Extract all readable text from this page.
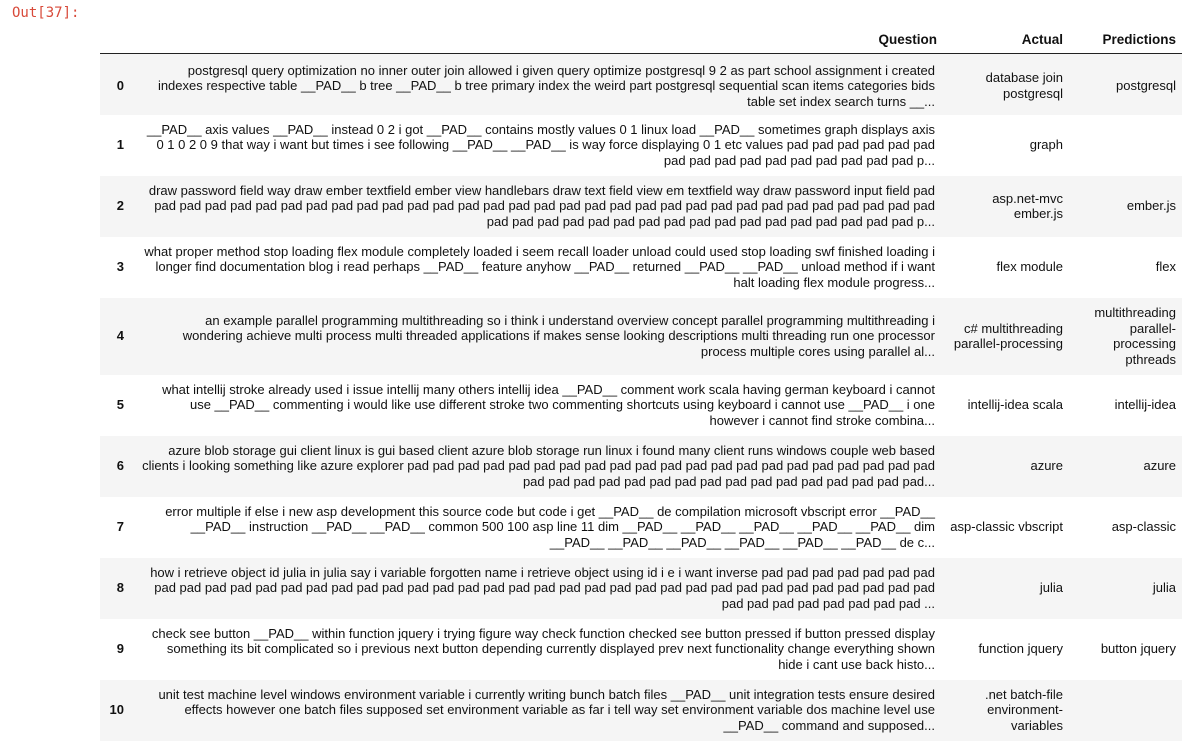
Out[37]:
	Question	Actual	Predictions
0	postgresql query optimization no inner outer join allowed i given query optimize postgresql 9 2 as part school assignment i created indexes respective table __PAD__ b tree __PAD__ b tree primary index the weird part postgresql sequential scan items categories bids table set index search turns __...	database join postgresql	postgresql
1	__PAD__ axis values __PAD__ instead 0 2 i got __PAD__ contains mostly values 0 1 linux load __PAD__ sometimes graph displays axis 0 1 0 2 0 9 that way i want but times i see following __PAD__ __PAD__ is way force displaying 0 1 etc values pad pad pad pad pad pad pad pad pad pad pad pad pad pad pad pad p...	graph	
2	draw password field way draw ember textfield ember view handlebars draw text field view em textfield way draw password input field pad pad pad pad pad pad pad pad pad pad pad pad pad pad pad pad pad pad pad pad pad pad pad pad pad pad pad pad pad pad pad pad pad pad pad pad pad pad pad pad pad pad pad pad pad pad pad pad pad p...	asp.net-mvc ember.js	ember.js
3	what proper method stop loading flex module completely loaded i seem recall loader unload could used stop loading swf finished loading i longer find documentation blog i read perhaps __PAD__ feature anyhow __PAD__ returned __PAD__ __PAD__ unload method if i want halt loading flex module progress...	flex module	flex
4	an example parallel programming multithreading so i think i understand overview concept parallel programming multithreading i wondering achieve multi process multi threaded applications if makes sense looking descriptions multi threading run one processor process multiple cores using parallel al...	c# multithreading parallel-processing	multithreading parallel-processing pthreads
5	what intellij stroke already used i issue intellij many others intellij idea __PAD__ comment work scala having german keyboard i cannot use __PAD__ commenting i would like use different stroke two commenting shortcuts using keyboard i cannot use __PAD__ i one however i cannot find stroke combina...	intellij-idea scala	intellij-idea
6	azure blob storage gui client linux is gui based client azure blob storage run linux i found many client runs windows couple web based clients i looking something like azure explorer pad pad pad pad pad pad pad pad pad pad pad pad pad pad pad pad pad pad pad pad pad pad pad pad pad pad pad pad pad pad pad pad pad pad pad pad pad...	azure	azure
7	error multiple if else i new asp development this source code but code i get __PAD__ de compilation microsoft vbscript error __PAD__ __PAD__ instruction __PAD__ __PAD__ common 500 100 asp line 11 dim __PAD__ __PAD__ __PAD__ __PAD__ __PAD__ dim __PAD__ __PAD__ __PAD__ __PAD__ __PAD__ __PAD__ de c...	asp-classic vbscript	asp-classic
8	how i retrieve object id julia in julia say i variable forgotten name i retrieve object using id i e i want inverse pad pad pad pad pad pad pad pad pad pad pad pad pad pad pad pad pad pad pad pad pad pad pad pad pad pad pad pad pad pad pad pad pad pad pad pad pad pad pad pad pad pad pad pad pad pad ...	julia	julia
9	check see button __PAD__ within function jquery i trying figure way check function checked see button pressed if button pressed display something its bit complicated so i previous next button depending currently displayed prev next functionality change everything shown hide i cant use back histo...	function jquery	button jquery
10	unit test machine level windows environment variable i currently writing bunch batch files __PAD__ unit integration tests ensure desired effects however one batch files supposed set environment variable as far i tell way set environment variable dos machine level use __PAD__ command and supposed...	.net batch-file environment-variables	
